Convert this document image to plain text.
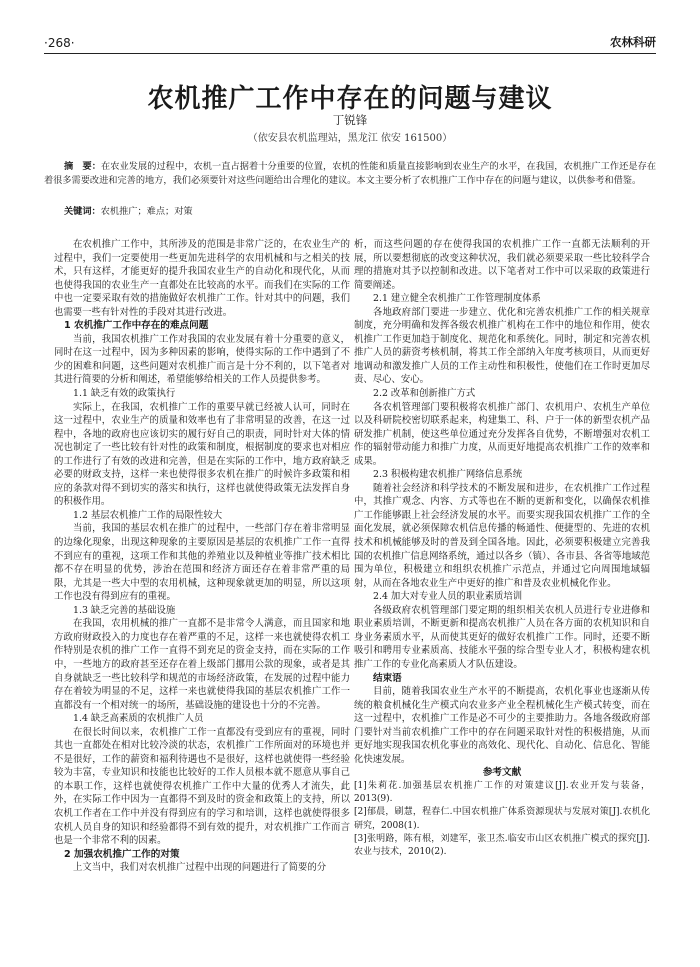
·268·	农林科研
农机推广工作中存在的问题与建议
丁锐锋
（依安县农机监理站，黑龙江 依安 161500）
摘　要：在农业发展的过程中，农机一直占据着十分重要的位置，农机的性能和质量直接影响到农业生产的水平，在我国，农机推广工作还是存在着很多需要改进和完善的地方，我们必须要针对这些问题给出合理化的建议。本文主要分析了农机推广工作中存在的问题与建议，以供参考和借鉴。
关键词：农机推广；难点；对策

在农机推广工作中，其所涉及的范围是非常广泛的，在农业生产的过程中，我们一定要使用一些更加先进科学的农用机械和与之相关的技术，只有这样，才能更好的提升我国农业生产的自动化和现代化，从而也使得我国的农业生产一直都处在比较高的水平。而我们在实际的工作中也一定要采取有效的措施做好农机推广工作。针对其中的问题，我们也需要一些有针对性的手段对其进行改进。

1 农机推广工作中存在的难点问题

当前，我国农机推广工作对我国的农业发展有着十分重要的意义，同时在这一过程中，因为多种因素的影响，使得实际的工作中遇到了不少的困难和问题，这些问题对农机推广而言是十分不利的，以下笔者对其进行简要的分析和阐述，希望能够给相关的工作人员提供参考。

1.1 缺乏有效的政策执行

实际上，在我国，农机推广工作的重要早就已经被人认可，同时在这一过程中，农业生产的质量和效率也有了非常明显的改善，在这一过程中，各地的政府也应该切实的履行好自己的职责，同时针对大体的情况也制定了一些比较有针对性的政策和制度，根据制度的要求也对相应的工作进行了有效的改进和完善，但是在实际的工作中，地方政府缺乏必要的财政支持，这样一来也使得很多农机在推广的时候许多政策和相应的条款对得不到切实的落实和执行，这样也就使得政策无法发挥自身的积极作用。

1.2 基层农机推广工作的局限性较大

当前，我国的基层农机在推广的过程中，一些部门存在着非常明显的边缘化现象，出现这种现象的主要原因是基层的农机推广工作一直得不到应有的重视，这项工作和其他的养殖业以及种植业等推广技术相比都不存在明显的优势，涉治在范围和经济方面还存在着非常严重的局限，尤其是一些大中型的农用机械，这种现象就更加的明显，所以这项工作也没有得到应有的重视。

1.3 缺乏完善的基础设施

在我国，农用机械的推广一直都不是非常令人满意，而且国家和地方政府财政投入的力度也存在着严重的不足，这样一来也就使得农机工作特别是农机的推广工作一直得不到充足的资金支持，而在实际的工作中，一些地方的政府甚至还存在着上级部门挪用公款的现象，或者是其自身就缺乏一些比较科学和规范的市场经济政策，在发展的过程中能力存在着较为明显的不足，这样一来也就使得我国的基层农机推广工作一直都没有一个相对统一的场所，基础设施的建设也十分的不完善。

1.4 缺乏高素质的农机推广人员

在很长时间以来，农机推广工作一直都没有受到应有的重视，同时其也一直都处在相对比较冷淡的状态，农机推广工作所面对的环境也并不是很好，工作的薪资和福利待遇也不是很好，这样也就使得一些经验较为丰富，专业知识和技能也比较好的工作人员根本就不愿意从事自己的本职工作，这样也就使得农机推广工作中大量的优秀人才流失，此外，在实际工作中因为一直都得不到及时的资金和政策上的支持，所以农机工作者在工作中并没有得到应有的学习和培训，这样也就使得很多农机人员自身的知识和经验都得不到有效的提升，对农机推广工作而言也是一个非常不利的因素。

2 加强农机推广工作的对策

上文当中，我们对农机推广过程中出现的问题进行了简要的分

析，而这些问题的存在使得我国的农机推广工作一直都无法顺利的开展，所以要想彻底的改变这种状况，我们就必须要采取一些比较科学合理的措施对其予以控制和改进。以下笔者对工作中可以采取的政策进行简要阐述。

2.1 建立健全农机推广工作管理制度体系

各地政府部门要进一步建立、优化和完善农机推广工作的相关规章制度，充分明确和发挥各级农机推广机构在工作中的地位和作用，使农机推广工作更加趋于制度化、规范化和系统化。同时，制定和完善农机推广人员的薪资考核机制，将其工作全部纳入年度考核项目，从而更好地调动和激发推广人员的工作主动性和积极性，使他们在工作时更加尽责、尽心、安心。

2.2 改革和创新推广方式

各农机管理部门要积极将农机推广部门、农机用户、农机生产单位以及科研院校密切联系起来，构建集工、科、户于一体的新型农机产品研发推广机制，使这些单位通过充分发挥各自优势，不断增强对农机工作的辐射带动能力和推广力度，从而更好地提高农机推广工作的效率和成果。

2.3 积极构建农机推广网络信息系统

随着社会经济和科学技术的不断发展和进步，在农机推广工作过程中，其推广观念、内容、方式等也在不断的更新和变化，以确保农机推广工作能够跟上社会经济发展的水平。而要实现我国农机推广工作的全面化发展，就必须保障农机信息传播的畅通性、便捷型的、先进的农机技术和机械能够及时的普及到全国各地。因此，必须要积极建立完善我国的农机推广信息网络系统，通过以各乡（镇）、各市县、各省等地域范围为单位，积极建立和组织农机推广示范点，并通过它向周围地域辐射，从而在各地农业生产中更好的推广和普及农业机械化作业。

2.4 加大对专业人员的职业素质培训

各级政府农机管理部门要定期的组织相关农机人员进行专业进修和职业素质培训，不断更新和提高农机推广人员在各方面的农机知识和自身业务素质水平，从而使其更好的做好农机推广工作。同时，还要不断吸引和聘用专业素质高、技能水平强的综合型专业人才，积极构建农机推广工作的专业化高素质人才队伍建设。

结束语

目前，随着我国农业生产水平的不断提高，农机化事业也逐渐从传统的粮食机械化生产模式向农业多产业全程机械化生产模式转变，而在这一过程中，农机推广工作是必不可少的主要推助力。各地各级政府部门要针对当前农机推广工作中的存在问题采取针对性的积极措施，从而更好地实现我国农机化事业的高效化、现代化、自动化、信息化、智能化快速发展。

参考文献

[1]朱莉花.加强基层农机推广工作的对策建议[J].农业开发与装备，2013(9).

[2]郁晨，刷慧，程春仁.中国农机推广体系资源现状与发展对策[J].农机化研究，2008(1).

[3]张明路，陈有根，刘建军，张卫杰.临安市山区农机推广模式的探究[J].农业与技术，2010(2).
